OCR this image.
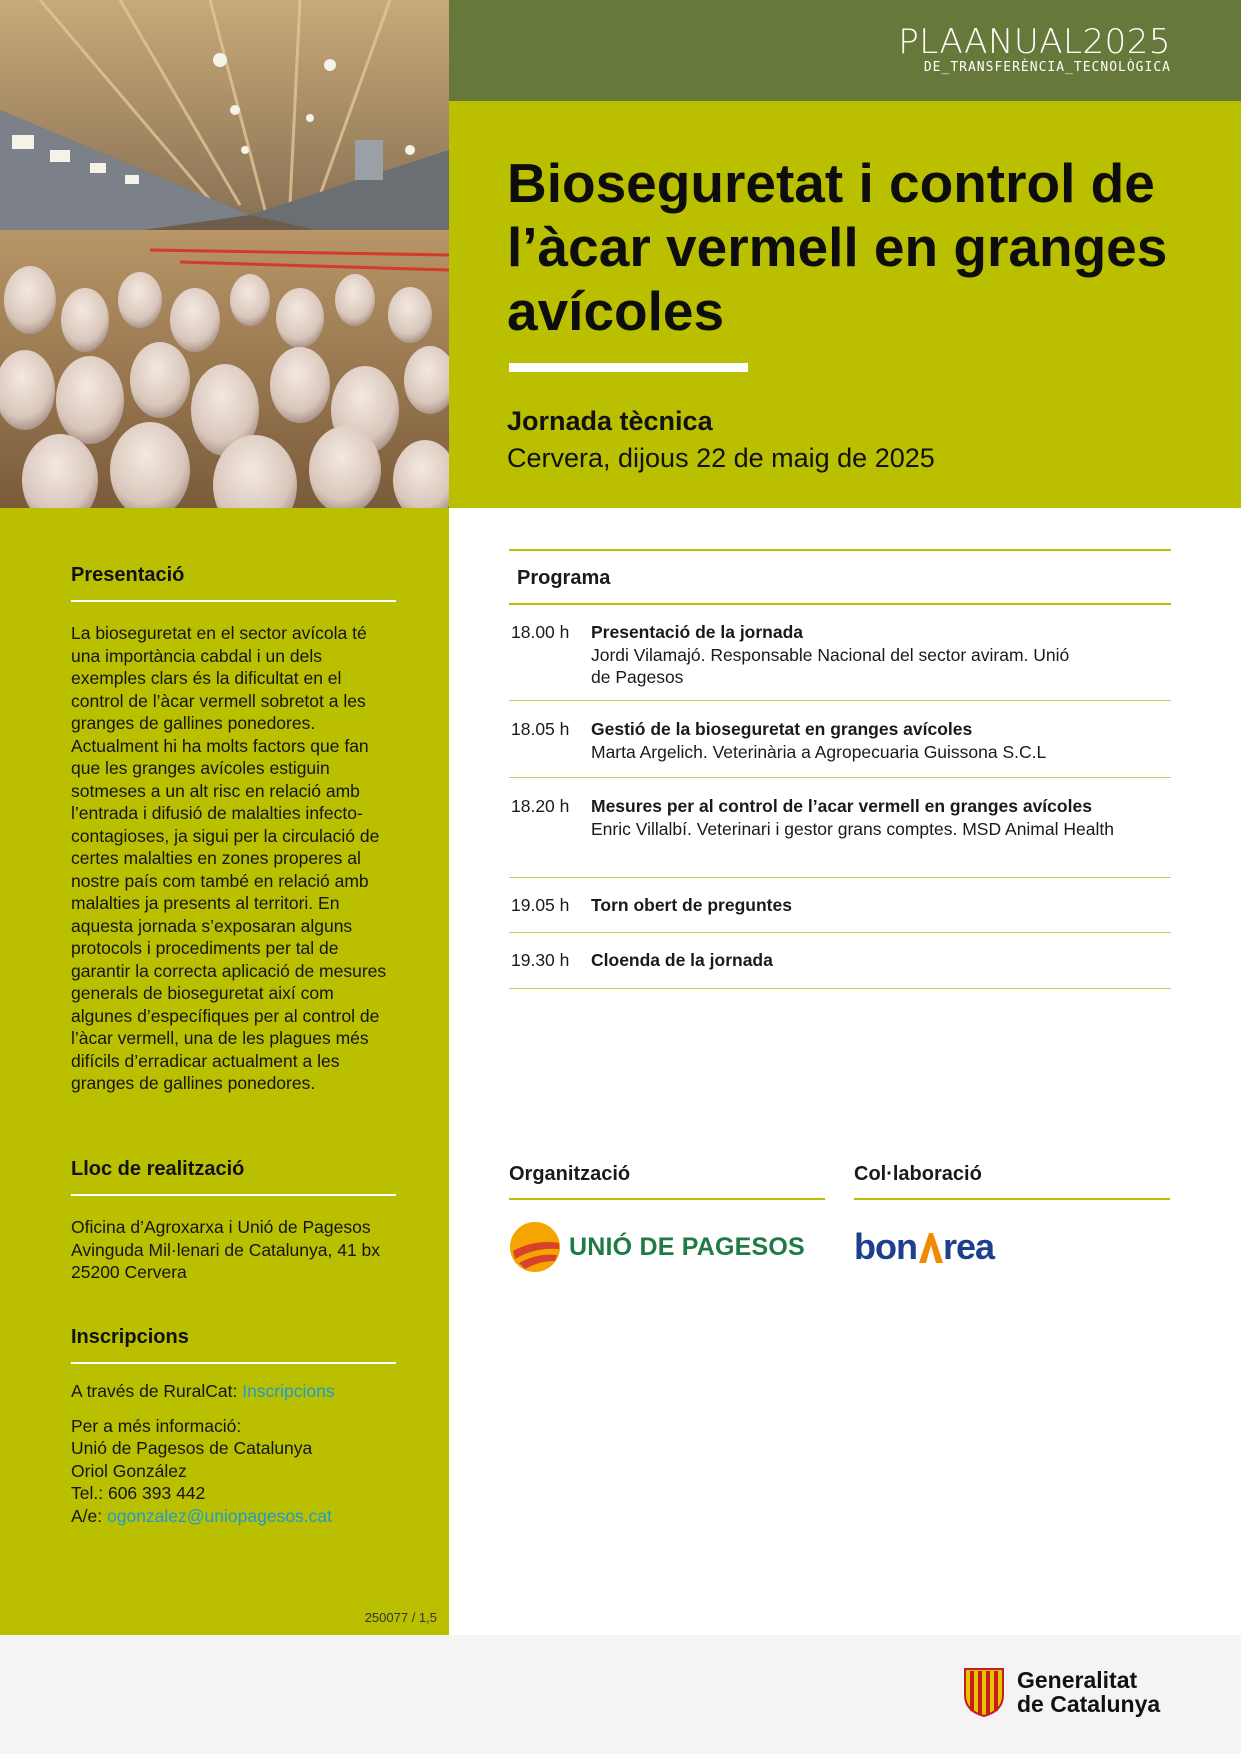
PLAANUAL2025
DE_TRANSFERÈNCIA_TECNOLÒGICA
Bioseguretat i control de l’àcar vermell en granges avícoles
Jornada tècnica
Cervera, dijous 22 de maig de 2025
Presentació

La bioseguretat en el sector avícola té una importància cabdal i un dels exemples clars és la dificultat en el control de l’àcar vermell sobretot a les granges de gallines ponedores. Actualment hi ha molts factors que fan que les granges avícoles estiguin sotmeses a un alt risc en relació amb l’entrada i difusió de malalties infecto-contagioses, ja sigui per la circulació de certes malalties en zones properes al nostre país com també en relació amb malalties ja presents al territori. En aquesta jornada s’exposaran alguns protocols i procediments per tal de garantir la correcta aplicació de mesures generals de bioseguretat així com algunes d’específiques per al control de l’àcar vermell, una de les plagues més difícils d’erradicar actualment a les granges de gallines ponedores.

250077 / 1,5
Lloc de realització
Oficina d’Agroxarxa i Unió de Pagesos
Avinguda Mil·lenari de Catalunya, 41 bx
25200 Cervera
Inscripcions
A través de RuralCat: Inscripcions
Per a més informació:
Unió de Pagesos de Catalunya
Oriol González
Tel.: 606 393 442
A/e: ogonzalez@uniopagesos.cat
Programa
18.00 h Presentació de la jornada
Jordi Vilamajó. Responsable Nacional del sector aviram. Unió de Pagesos
18.05 h Gestió de la bioseguretat en granges avícoles
Marta Argelich. Veterinària a Agropecuaria Guissona S.C.L
18.20 h Mesures per al control de l’acar vermell en granges avícoles
Enric Villalbí. Veterinari i gestor grans comptes. MSD Animal Health
19.05 h Torn obert de preguntes
19.30 h Cloenda de la jornada
Organització
UNIÓ DE PAGESOS
Col·laboració
bon rea
Generalitat
de Catalunya
